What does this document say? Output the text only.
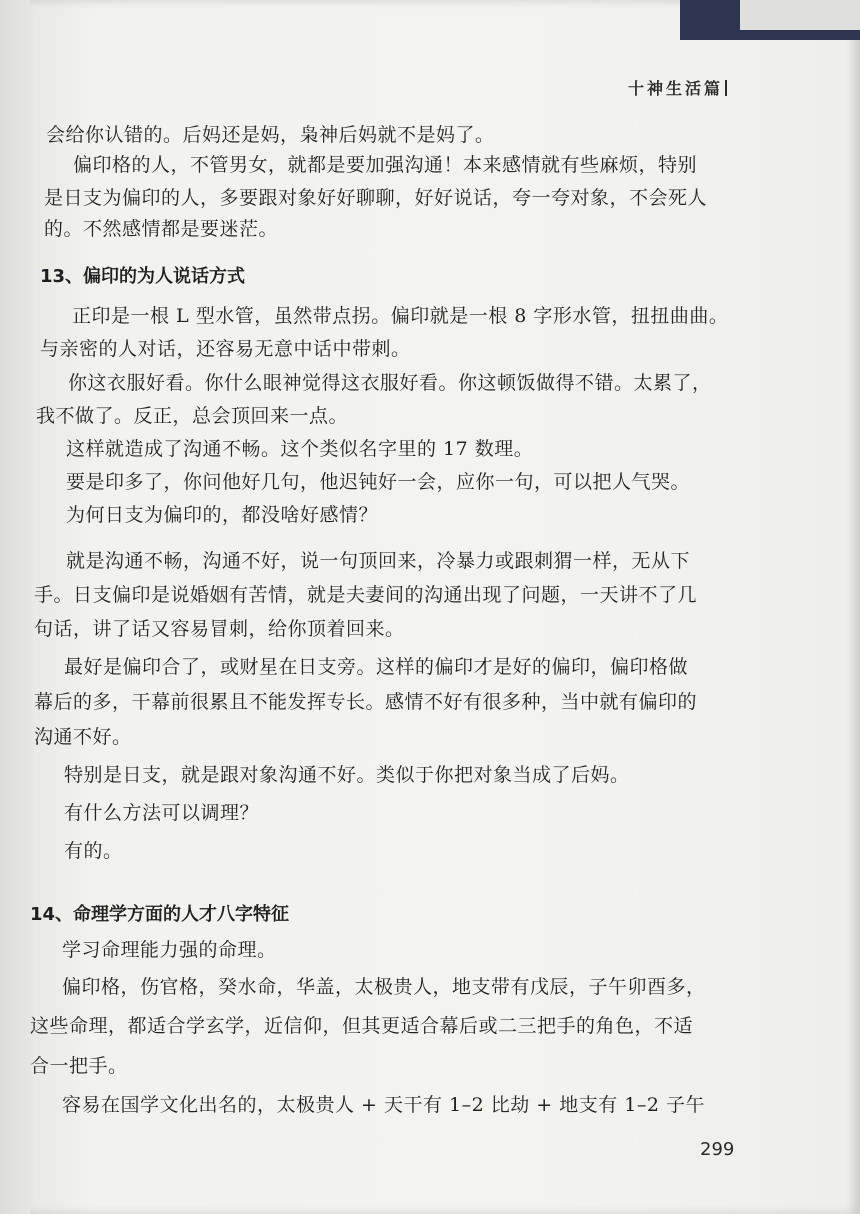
十神生活篇
会给你认错的。后妈还是妈，枭神后妈就不是妈了。
偏印格的人，不管男女，就都是要加强沟通！本来感情就有些麻烦，特别
是日支为偏印的人，多要跟对象好好聊聊，好好说话，夸一夸对象，不会死人
的。不然感情都是要迷茫。
13、偏印的为人说话方式
正印是一根 L 型水管，虽然带点拐。偏印就是一根 8 字形水管，扭扭曲曲。
与亲密的人对话，还容易无意中话中带刺。
你这衣服好看。你什么眼神觉得这衣服好看。你这顿饭做得不错。太累了，
我不做了。反正，总会顶回来一点。
这样就造成了沟通不畅。这个类似名字里的 17 数理。
要是印多了，你问他好几句，他迟钝好一会，应你一句，可以把人气哭。
为何日支为偏印的，都没啥好感情？
就是沟通不畅，沟通不好，说一句顶回来，冷暴力或跟刺猬一样，无从下
手。日支偏印是说婚姻有苦情，就是夫妻间的沟通出现了问题，一天讲不了几
句话，讲了话又容易冒刺，给你顶着回来。
最好是偏印合了，或财星在日支旁。这样的偏印才是好的偏印，偏印格做
幕后的多，干幕前很累且不能发挥专长。感情不好有很多种，当中就有偏印的
沟通不好。
特别是日支，就是跟对象沟通不好。类似于你把对象当成了后妈。
有什么方法可以调理？
有的。
14、命理学方面的人才八字特征
学习命理能力强的命理。
偏印格，伤官格，癸水命，华盖，太极贵人，地支带有戊辰，子午卯酉多，
这些命理，都适合学玄学，近信仰，但其更适合幕后或二三把手的角色，不适
合一把手。
容易在国学文化出名的，太极贵人 + 天干有 1–2 比劫 + 地支有 1–2 子午
299
